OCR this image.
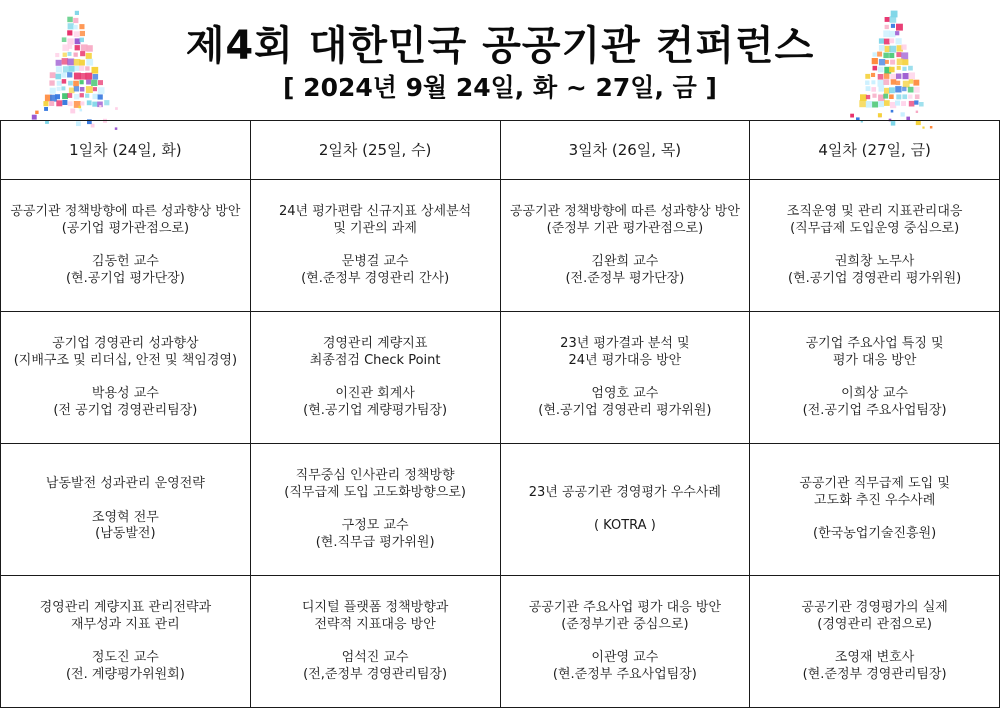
제4회 대한민국 공공기관 컨퍼런스
[ 2024년 9월 24일, 화 ~ 27일, 금 ]
1일차 (24일, 화)	2일차 (25일, 수)	3일차 (26일, 목)	4일차 (27일, 금)

공공기관 정책방향에 따른 성과향상 방안
(공기업 평가관점으로)
김동헌 교수
(현.공기업 평가단장)	24년 평가편람 신규지표 상세분석
및 기관의 과제
문병걸 교수
(현.준정부 경영관리 간사)	공공기관 정책방향에 따른 성과향상 방안
(준정부 기관 평가관점으로)
김완희 교수
(전.준정부 평가단장)	조직운영 및 관리 지표관리대응
(직무급제 도입운영 중심으로)
권희창 노무사
(현.공기업 경영관리 평가위원)

공기업 경영관리 성과향상
(지배구조 및 리더십, 안전 및 책임경영)
박용성 교수
(전 공기업 경영관리팀장)	경영관리 계량지표
최종점검 Check Point
이진관 회계사
(현.공기업 계량평가팀장)	23년 평가결과 분석 및
24년 평가대응 방안
엄영호 교수
(현.공기업 경영관리 평가위원)	공기업 주요사업 특징 및
평가 대응 방안
이희상 교수
(전.공기업 주요사업팀장)

남동발전 성과관리 운영전략
조영혁 전무
(남동발전)	직무중심 인사관리 정책방향
(직무급제 도입 고도화방향으로)
구정모 교수
(현.직무급 평가위원)	23년 공공기관 경영평가 우수사례
( KOTRA )	공공기관 직무급제 도입 및
고도화 추진 우수사례
(한국농업기술진흥원)

경영관리 계량지표 관리전략과
재무성과 지표 관리
정도진 교수
(전. 계량평가위원회)	디지털 플랫폼 정책방향과
전략적 지표대응 방안
엄석진 교수
(전,준정부 경영관리팀장)	공공기관 주요사업 평가 대응 방안
(준정부기관 중심으로)
이관영 교수
(현.준정부 주요사업팀장)	공공기관 경영평가의 실제
(경영관리 관점으로)
조영재 변호사
(현.준정부 경영관리팀장)
